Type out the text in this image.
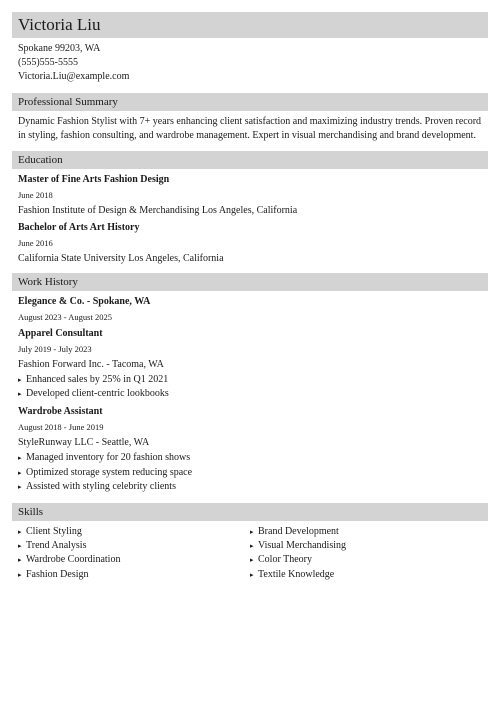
Victoria Liu
Spokane 99203, WA
(555)555-5555
Victoria.Liu@example.com
Professional Summary
Dynamic Fashion Stylist with 7+ years enhancing client satisfaction and maximizing industry trends. Proven record in styling, fashion consulting, and wardrobe management. Expert in visual merchandising and brand development.
Education
Master of Fine Arts Fashion Design
June 2018
Fashion Institute of Design & Merchandising Los Angeles, California
Bachelor of Arts Art History
June 2016
California State University Los Angeles, California
Work History
Elegance & Co. - Spokane, WA
August 2023 - August 2025
Apparel Consultant
July 2019 - July 2023
Fashion Forward Inc. - Tacoma, WA
▸ Enhanced sales by 25% in Q1 2021
▸ Developed client-centric lookbooks
Wardrobe Assistant
August 2018 - June 2019
StyleRunway LLC - Seattle, WA
▸ Managed inventory for 20 fashion shows
▸ Optimized storage system reducing space
▸ Assisted with styling celebrity clients
Skills
▸ Client Styling
▸ Trend Analysis
▸ Wardrobe Coordination
▸ Fashion Design
▸ Brand Development
▸ Visual Merchandising
▸ Color Theory
▸ Textile Knowledge
